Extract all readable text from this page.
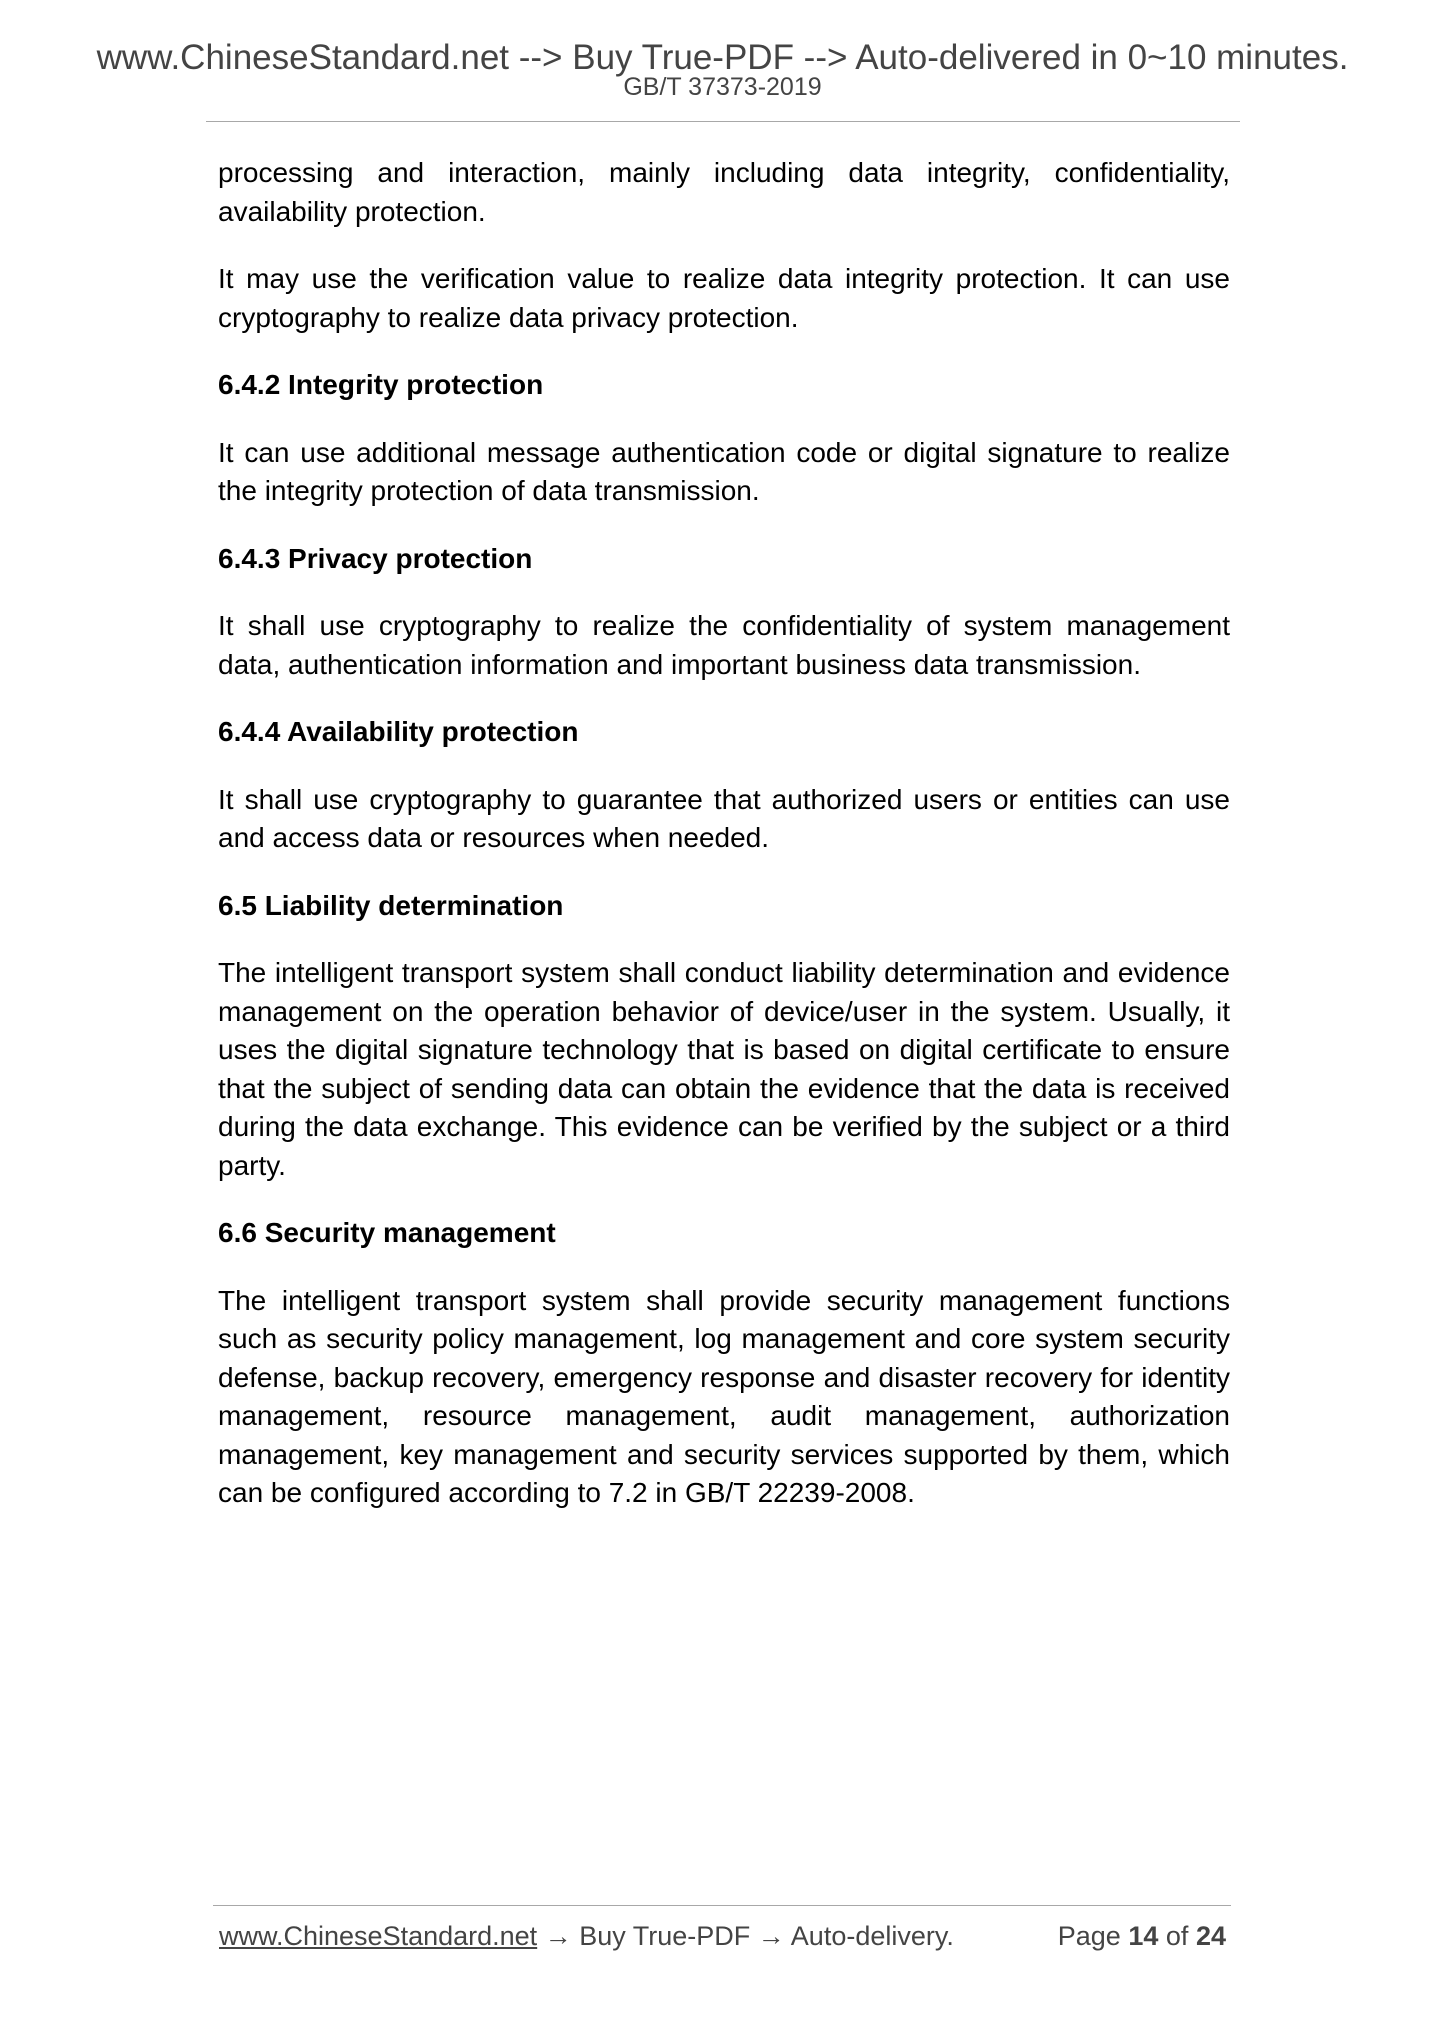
www.ChineseStandard.net --> Buy True-PDF --> Auto-delivered in 0~10 minutes.
GB/T 37373-2019

processing and interaction, mainly including data integrity, confidentiality, availability protection.

It may use the verification value to realize data integrity protection. It can use cryptography to realize data privacy protection.

6.4.2 Integrity protection

It can use additional message authentication code or digital signature to realize the integrity protection of data transmission.

6.4.3 Privacy protection

It shall use cryptography to realize the confidentiality of system management data, authentication information and important business data transmission.

6.4.4 Availability protection

It shall use cryptography to guarantee that authorized users or entities can use and access data or resources when needed.

6.5 Liability determination

The intelligent transport system shall conduct liability determination and evidence management on the operation behavior of device/user in the system. Usually, it uses the digital signature technology that is based on digital certificate to ensure that the subject of sending data can obtain the evidence that the data is received during the data exchange. This evidence can be verified by the subject or a third party.

6.6 Security management

The intelligent transport system shall provide security management functions such as security policy management, log management and core system security defense, backup recovery, emergency response and disaster recovery for identity management, resource management, audit management, authorization management, key management and security services supported by them, which can be configured according to 7.2 in GB/T 22239-2008.

www.ChineseStandard.net → Buy True-PDF → Auto-delivery.	Page 14 of 24
